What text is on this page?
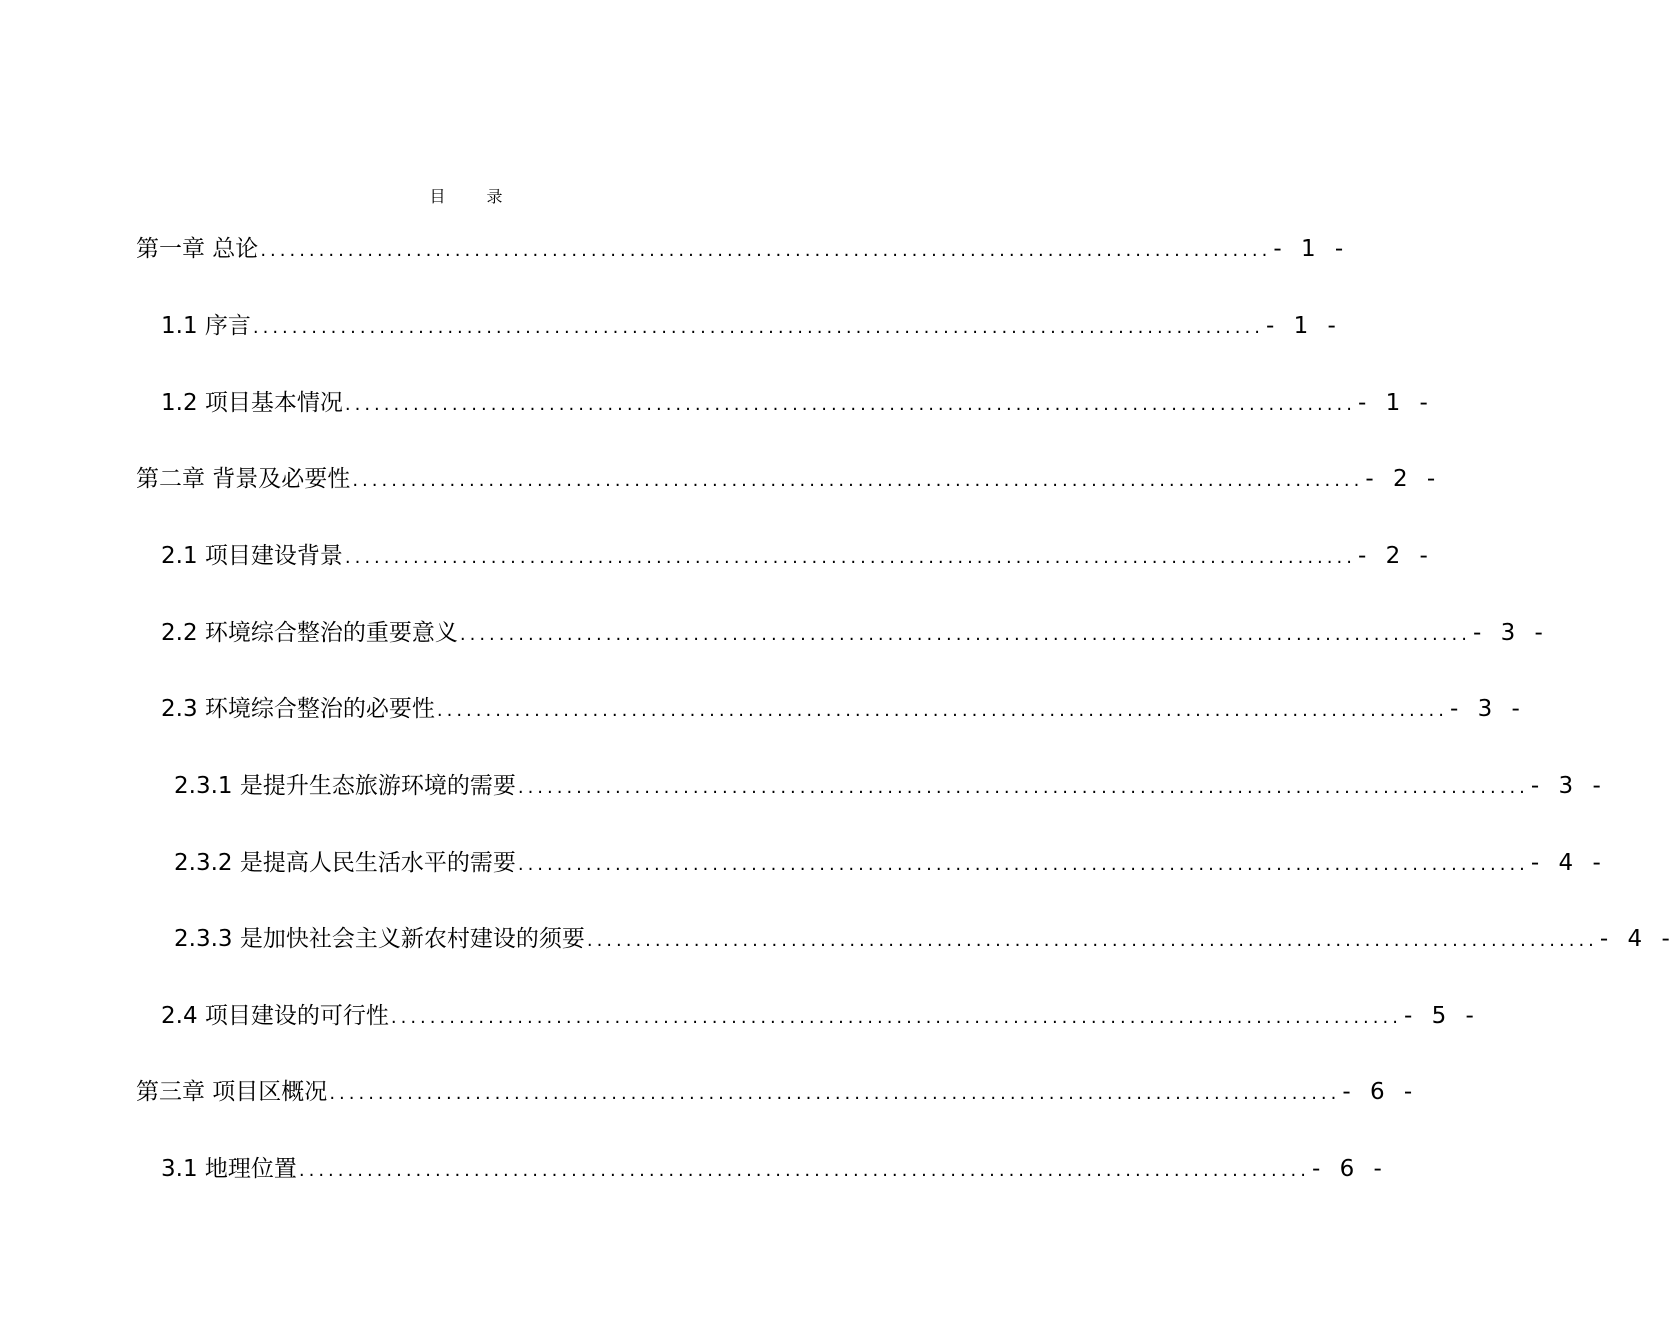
目 录
第一章 总论 ........................................................................................................ - 1 -
1.1 序言 ........................................................................................................ - 1 -
1.2 项目基本情况 ........................................................................................................ - 1 -
第二章 背景及必要性 ........................................................................................................ - 2 -
2.1 项目建设背景 ........................................................................................................ - 2 -
2.2 环境综合整治的重要意义 ........................................................................................................ - 3 -
2.3 环境综合整治的必要性 ........................................................................................................ - 3 -
2.3.1 是提升生态旅游环境的需要 ........................................................................................................ - 3 -
2.3.2 是提高人民生活水平的需要 ........................................................................................................ - 4 -
2.3.3 是加快社会主义新农村建设的须要 ........................................................................................................ - 4 -
2.4 项目建设的可行性 ........................................................................................................ - 5 -
第三章 项目区概况 ........................................................................................................ - 6 -
3.1 地理位置 ........................................................................................................ - 6 -
